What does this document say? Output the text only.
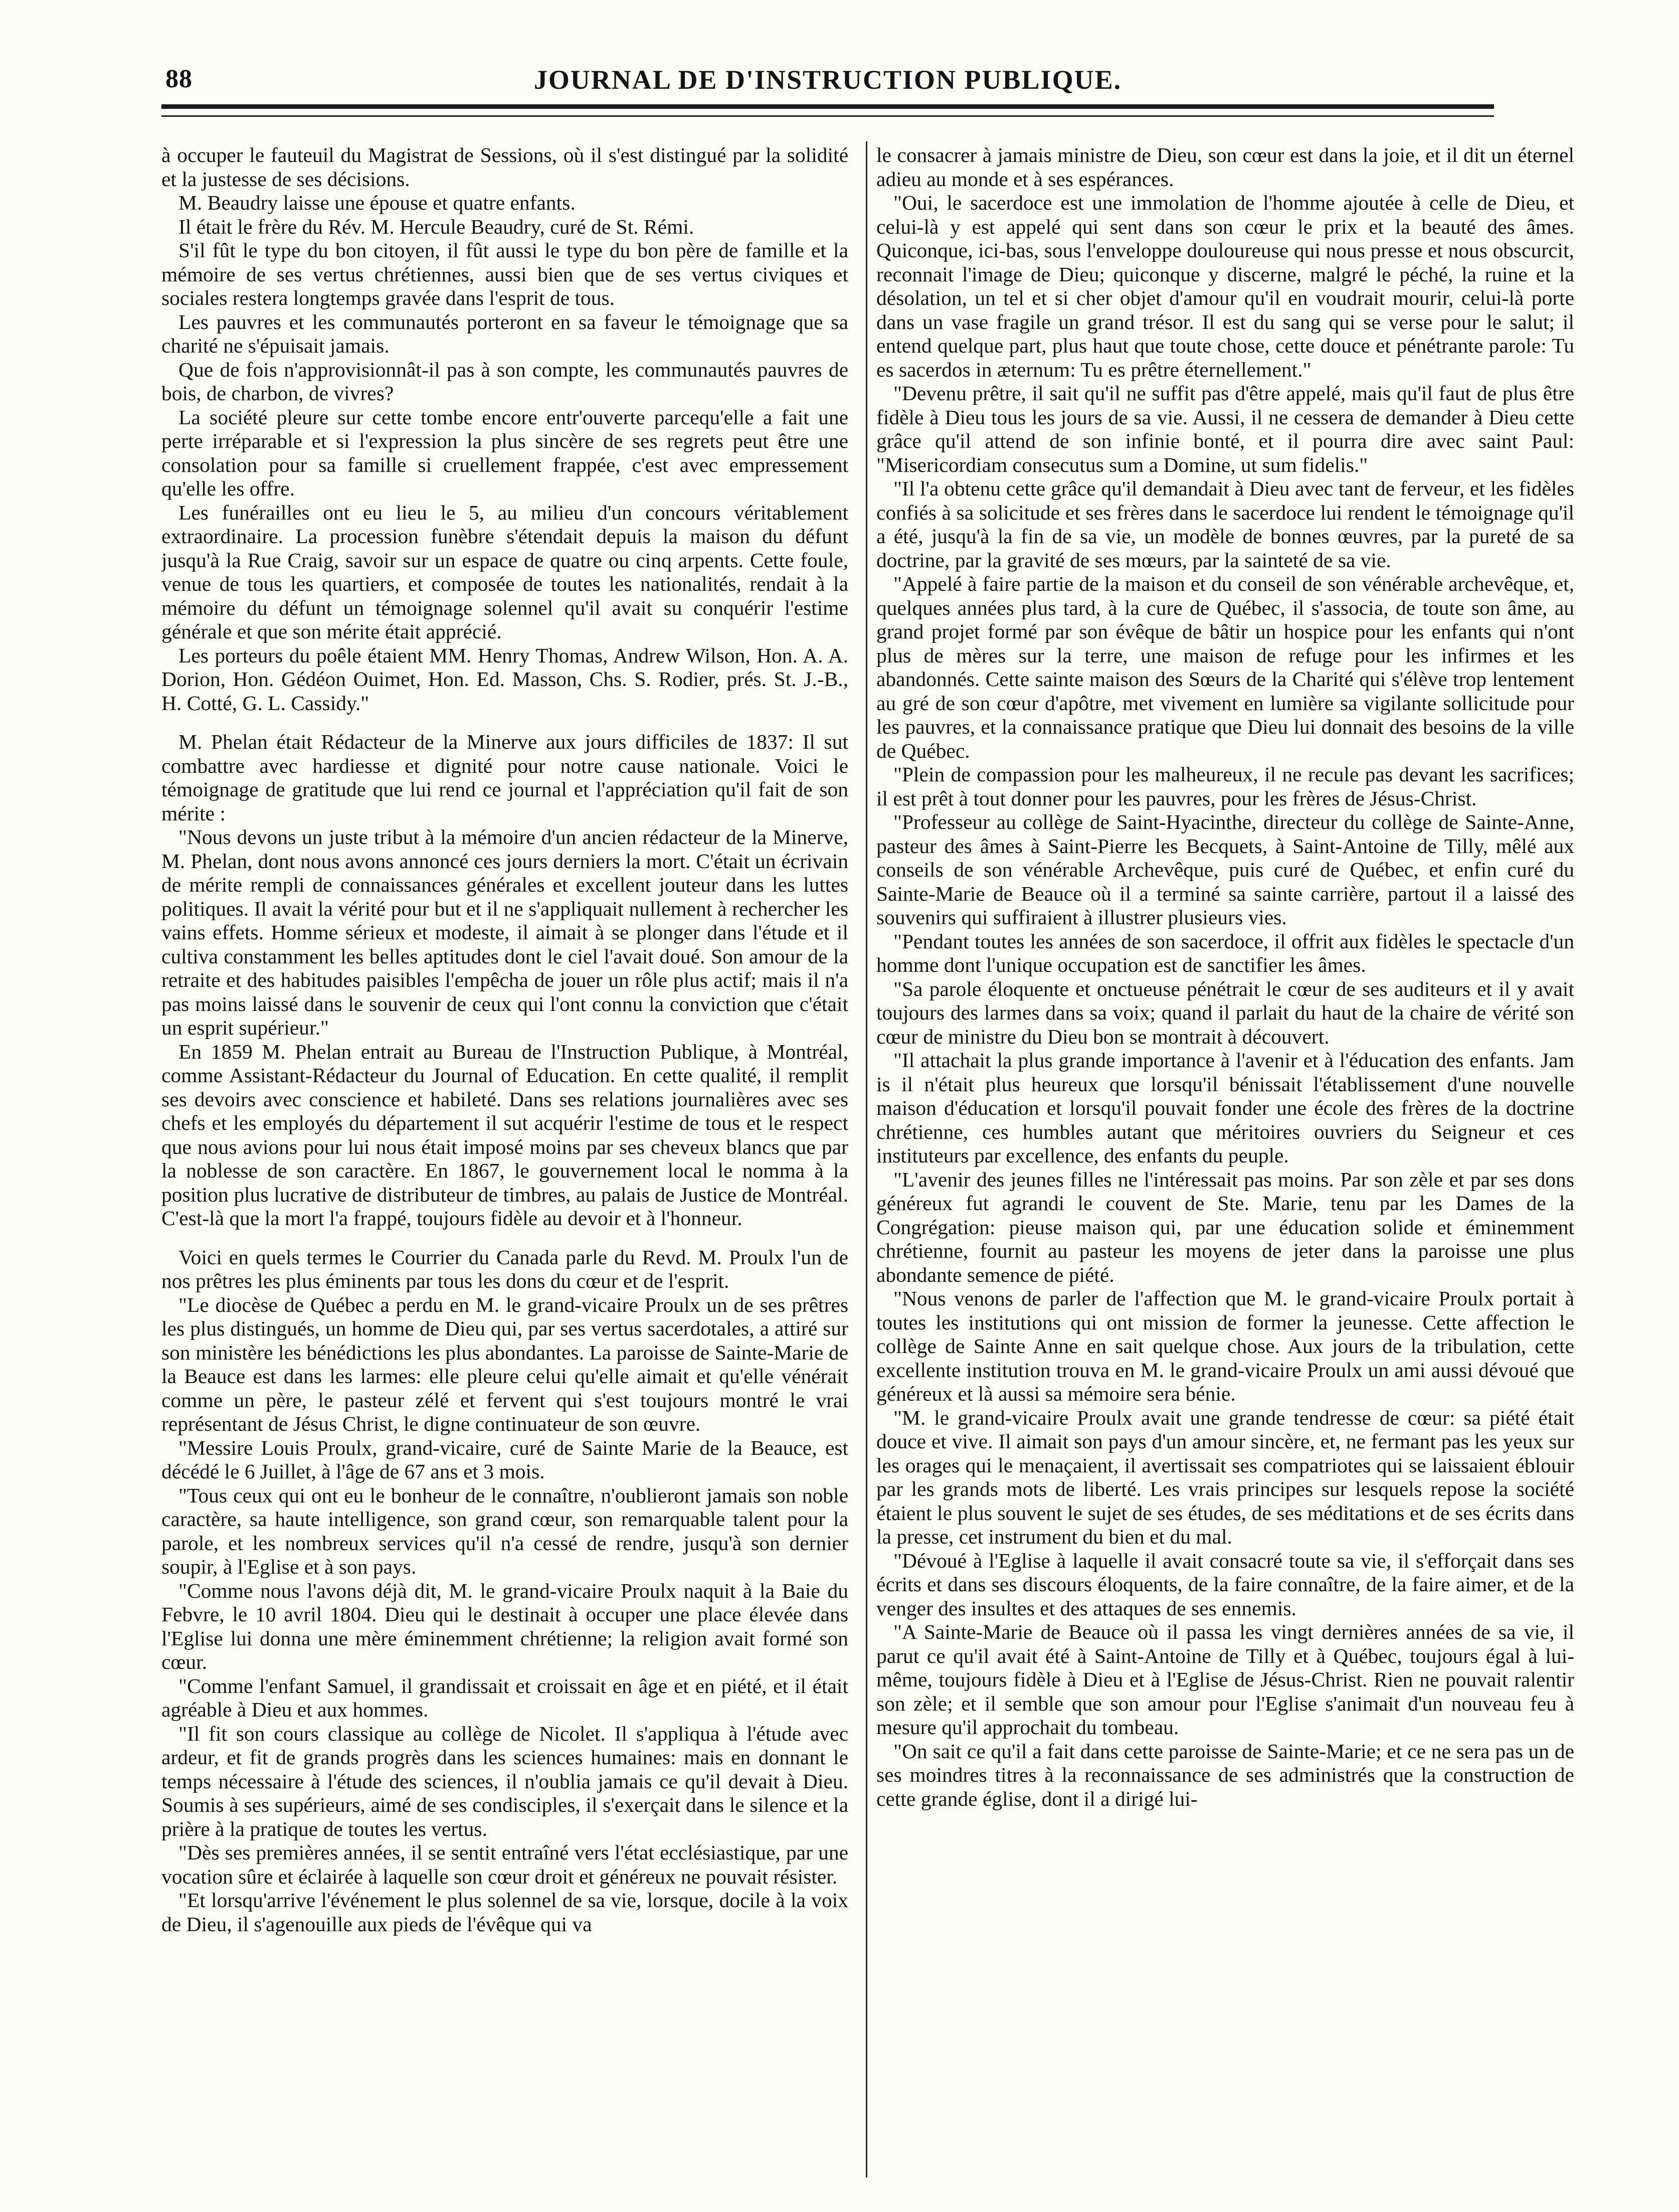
88	JOURNAL DE D'INSTRUCTION PUBLIQUE.

à occuper le fauteuil du Magistrat de Sessions, où il s'est distingué par la solidité et la justesse de ses décisions.

M. Beaudry laisse une épouse et quatre enfants.

Il était le frère du Rév. M. Hercule Beaudry, curé de St. Rémi.

S'il fût le type du bon citoyen, il fût aussi le type du bon père de famille et la mémoire de ses vertus chrétiennes, aussi bien que de ses vertus civiques et sociales restera longtemps gravée dans l'esprit de tous.

Les pauvres et les communautés porteront en sa faveur le témoignage que sa charité ne s'épuisait jamais.

Que de fois n'approvisionnât-il pas à son compte, les communautés pauvres de bois, de charbon, de vivres?

La société pleure sur cette tombe encore entr'ouverte parcequ'elle a fait une perte irréparable et si l'expression la plus sincère de ses regrets peut être une consolation pour sa famille si cruellement frappée, c'est avec empressement qu'elle les offre.

Les funérailles ont eu lieu le 5, au milieu d'un concours véritablement extraordinaire. La procession funèbre s'étendait depuis la maison du défunt jusqu'à la Rue Craig, savoir sur un espace de quatre ou cinq arpents. Cette foule, venue de tous les quartiers, et composée de toutes les nationalités, rendait à la mémoire du défunt un témoignage solennel qu'il avait su conquérir l'estime générale et que son mérite était apprécié.

Les porteurs du poêle étaient MM. Henry Thomas, Andrew Wilson, Hon. A. A. Dorion, Hon. Gédéon Ouimet, Hon. Ed. Masson, Chs. S. Rodier, prés. St. J.-B., H. Cotté, G. L. Cassidy."

M. Phelan était Rédacteur de la Minerve aux jours difficiles de 1837: Il sut combattre avec hardiesse et dignité pour notre cause nationale. Voici le témoignage de gratitude que lui rend ce journal et l'appréciation qu'il fait de son mérite :

"Nous devons un juste tribut à la mémoire d'un ancien rédacteur de la Minerve, M. Phelan, dont nous avons annoncé ces jours derniers la mort. C'était un écrivain de mérite rempli de connaissances générales et excellent jouteur dans les luttes politiques. Il avait la vérité pour but et il ne s'appliquait nullement à rechercher les vains effets. Homme sérieux et modeste, il aimait à se plonger dans l'étude et il cultiva constamment les belles aptitudes dont le ciel l'avait doué. Son amour de la retraite et des habitudes paisibles l'empêcha de jouer un rôle plus actif; mais il n'a pas moins laissé dans le souvenir de ceux qui l'ont connu la conviction que c'était un esprit supérieur."

En 1859 M. Phelan entrait au Bureau de l'Instruction Publique, à Montréal, comme Assistant-Rédacteur du Journal of Education. En cette qualité, il remplit ses devoirs avec conscience et habileté. Dans ses relations journalières avec ses chefs et les employés du département il sut acquérir l'estime de tous et le respect que nous avions pour lui nous était imposé moins par ses cheveux blancs que par la noblesse de son caractère. En 1867, le gouvernement local le nomma à la position plus lucrative de distributeur de timbres, au palais de Justice de Montréal. C'est-là que la mort l'a frappé, toujours fidèle au devoir et à l'honneur.

Voici en quels termes le Courrier du Canada parle du Revd. M. Proulx l'un de nos prêtres les plus éminents par tous les dons du cœur et de l'esprit.

"Le diocèse de Québec a perdu en M. le grand-vicaire Proulx un de ses prêtres les plus distingués, un homme de Dieu qui, par ses vertus sacerdotales, a attiré sur son ministère les bénédictions les plus abondantes. La paroisse de Sainte-Marie de la Beauce est dans les larmes: elle pleure celui qu'elle aimait et qu'elle vénérait comme un père, le pasteur zélé et fervent qui s'est toujours montré le vrai représentant de Jésus Christ, le digne continuateur de son œuvre.

"Messire Louis Proulx, grand-vicaire, curé de Sainte Marie de la Beauce, est décédé le 6 Juillet, à l'âge de 67 ans et 3 mois.

"Tous ceux qui ont eu le bonheur de le connaître, n'oublieront jamais son noble caractère, sa haute intelligence, son grand cœur, son remarquable talent pour la parole, et les nombreux services qu'il n'a cessé de rendre, jusqu'à son dernier soupir, à l'Eglise et à son pays.

"Comme nous l'avons déjà dit, M. le grand-vicaire Proulx naquit à la Baie du Febvre, le 10 avril 1804. Dieu qui le destinait à occuper une place élevée dans l'Eglise lui donna une mère éminemment chrétienne; la religion avait formé son cœur.

"Comme l'enfant Samuel, il grandissait et croissait en âge et en piété, et il était agréable à Dieu et aux hommes.

"Il fit son cours classique au collège de Nicolet. Il s'appliqua à l'étude avec ardeur, et fit de grands progrès dans les sciences humaines: mais en donnant le temps nécessaire à l'étude des sciences, il n'oublia jamais ce qu'il devait à Dieu. Soumis à ses supérieurs, aimé de ses condisciples, il s'exerçait dans le silence et la prière à la pratique de toutes les vertus.

"Dès ses premières années, il se sentit entraîné vers l'état ecclésiastique, par une vocation sûre et éclairée à laquelle son cœur droit et généreux ne pouvait résister.

"Et lorsqu'arrive l'événement le plus solennel de sa vie, lorsque, docile à la voix de Dieu, il s'agenouille aux pieds de l'évêque qui va

le consacrer à jamais ministre de Dieu, son cœur est dans la joie, et il dit un éternel adieu au monde et à ses espérances.

"Oui, le sacerdoce est une immolation de l'homme ajoutée à celle de Dieu, et celui-là y est appelé qui sent dans son cœur le prix et la beauté des âmes. Quiconque, ici-bas, sous l'enveloppe douloureuse qui nous presse et nous obscurcit, reconnait l'image de Dieu; quiconque y discerne, malgré le péché, la ruine et la désolation, un tel et si cher objet d'amour qu'il en voudrait mourir, celui-là porte dans un vase fragile un grand trésor. Il est du sang qui se verse pour le salut; il entend quelque part, plus haut que toute chose, cette douce et pénétrante parole: Tu es sacerdos in æternum: Tu es prêtre éternellement."

"Devenu prêtre, il sait qu'il ne suffit pas d'être appelé, mais qu'il faut de plus être fidèle à Dieu tous les jours de sa vie. Aussi, il ne cessera de demander à Dieu cette grâce qu'il attend de son infinie bonté, et il pourra dire avec saint Paul: "Misericordiam consecutus sum a Domine, ut sum fidelis."

"Il l'a obtenu cette grâce qu'il demandait à Dieu avec tant de ferveur, et les fidèles confiés à sa solicitude et ses frères dans le sacerdoce lui rendent le témoignage qu'il a été, jusqu'à la fin de sa vie, un modèle de bonnes œuvres, par la pureté de sa doctrine, par la gravité de ses mœurs, par la sainteté de sa vie.

"Appelé à faire partie de la maison et du conseil de son vénérable archevêque, et, quelques années plus tard, à la cure de Québec, il s'associa, de toute son âme, au grand projet formé par son évêque de bâtir un hospice pour les enfants qui n'ont plus de mères sur la terre, une maison de refuge pour les infirmes et les abandonnés. Cette sainte maison des Sœurs de la Charité qui s'élève trop lentement au gré de son cœur d'apôtre, met vivement en lumière sa vigilante sollicitude pour les pauvres, et la connaissance pratique que Dieu lui donnait des besoins de la ville de Québec.

"Plein de compassion pour les malheureux, il ne recule pas devant les sacrifices; il est prêt à tout donner pour les pauvres, pour les frères de Jésus-Christ.

"Professeur au collège de Saint-Hyacinthe, directeur du collège de Sainte-Anne, pasteur des âmes à Saint-Pierre les Becquets, à Saint-Antoine de Tilly, mêlé aux conseils de son vénérable Archevêque, puis curé de Québec, et enfin curé du Sainte-Marie de Beauce où il a terminé sa sainte carrière, partout il a laissé des souvenirs qui suffiraient à illustrer plusieurs vies.

"Pendant toutes les années de son sacerdoce, il offrit aux fidèles le spectacle d'un homme dont l'unique occupation est de sanctifier les âmes.

"Sa parole éloquente et onctueuse pénétrait le cœur de ses auditeurs et il y avait toujours des larmes dans sa voix; quand il parlait du haut de la chaire de vérité son cœur de ministre du Dieu bon se montrait à découvert.

"Il attachait la plus grande importance à l'avenir et à l'éducation des enfants. Jam is il n'était plus heureux que lorsqu'il bénissait l'établissement d'une nouvelle maison d'éducation et lorsqu'il pouvait fonder une école des frères de la doctrine chrétienne, ces humbles autant que méritoires ouvriers du Seigneur et ces instituteurs par excellence, des enfants du peuple.

"L'avenir des jeunes filles ne l'intéressait pas moins. Par son zèle et par ses dons généreux fut agrandi le couvent de Ste. Marie, tenu par les Dames de la Congrégation: pieuse maison qui, par une éducation solide et éminemment chrétienne, fournit au pasteur les moyens de jeter dans la paroisse une plus abondante semence de piété.

"Nous venons de parler de l'affection que M. le grand-vicaire Proulx portait à toutes les institutions qui ont mission de former la jeunesse. Cette affection le collège de Sainte Anne en sait quelque chose. Aux jours de la tribulation, cette excellente institution trouva en M. le grand-vicaire Proulx un ami aussi dévoué que généreux et là aussi sa mémoire sera bénie.

"M. le grand-vicaire Proulx avait une grande tendresse de cœur: sa piété était douce et vive. Il aimait son pays d'un amour sincère, et, ne fermant pas les yeux sur les orages qui le menaçaient, il avertissait ses compatriotes qui se laissaient éblouir par les grands mots de liberté. Les vrais principes sur lesquels repose la société étaient le plus souvent le sujet de ses études, de ses méditations et de ses écrits dans la presse, cet instrument du bien et du mal.

"Dévoué à l'Eglise à laquelle il avait consacré toute sa vie, il s'efforçait dans ses écrits et dans ses discours éloquents, de la faire connaître, de la faire aimer, et de la venger des insultes et des attaques de ses ennemis.

"A Sainte-Marie de Beauce où il passa les vingt dernières années de sa vie, il parut ce qu'il avait été à Saint-Antoine de Tilly et à Québec, toujours égal à lui-même, toujours fidèle à Dieu et à l'Eglise de Jésus-Christ. Rien ne pouvait ralentir son zèle; et il semble que son amour pour l'Eglise s'animait d'un nouveau feu à mesure qu'il approchait du tombeau.

"On sait ce qu'il a fait dans cette paroisse de Sainte-Marie; et ce ne sera pas un de ses moindres titres à la reconnaissance de ses administrés que la construction de cette grande église, dont il a dirigé lui-
